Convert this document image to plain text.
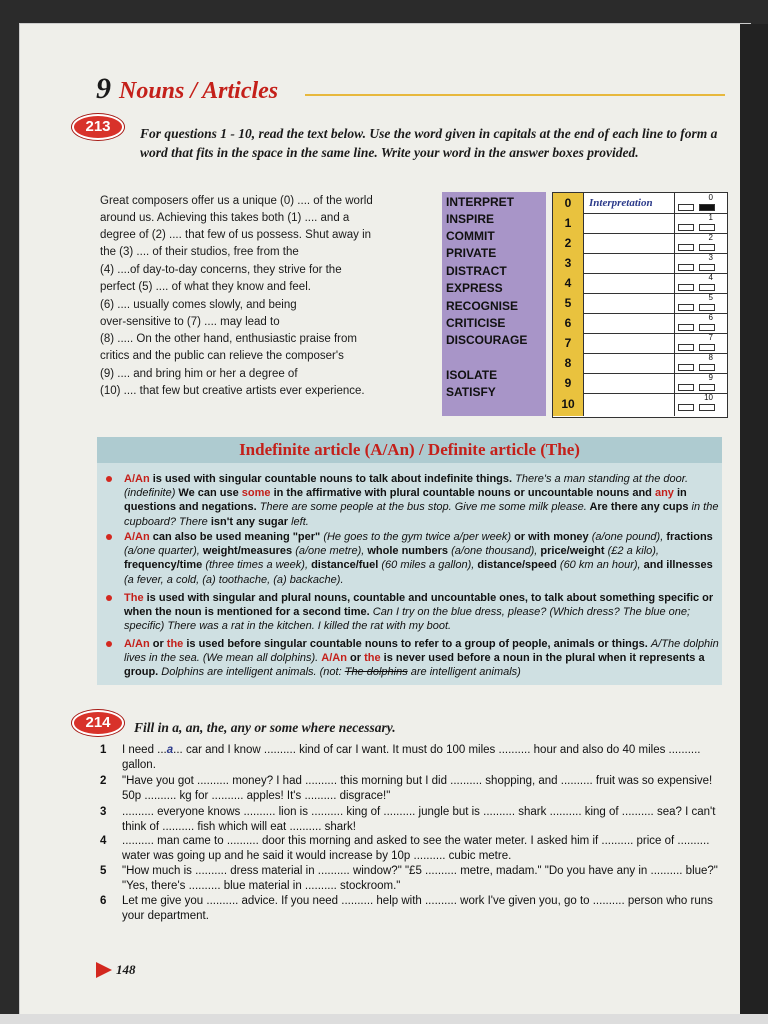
9 Nouns / Articles
213	For questions 1 - 10, read the text below. Use the word given in capitals at the end of each line to form a word that fits in the space in the same line. Write your word in the answer boxes provided.
Great composers offer us a unique (0) .... of the world
around us. Achieving this takes both (1) .... and a
degree of (2) .... that few of us possess. Shut away in
the (3) .... of their studios, free from the
(4) ....of day-to-day concerns, they strive for the
perfect (5) .... of what they know and feel.
(6) .... usually comes slowly, and being
over-sensitive to (7) .... may lead to
(8) ..... On the other hand, enthusiastic praise from
critics and the public can relieve the composer's
(9) .... and bring him or her a degree of
(10) .... that few but creative artists ever experience.
INTERPRET
INSPIRE
COMMIT
PRIVATE
DISTRACT
EXPRESS
RECOGNISE
CRITICISE
DISCOURAGE
ISOLATE
SATISFY
0	Interpretation	0
1	1
2	2
3	3
4	4
5	5
6	6
7	7
8	8
9	9
10	10
Indefinite article (A/An) / Definite article (The)
A/An is used with singular countable nouns to talk about indefinite things. There's a man standing at the door. (indefinite) We can use some in the affirmative with plural countable nouns or uncountable nouns and any in questions and negations. There are some people at the bus stop. Give me some milk please. Are there any cups in the cupboard? There isn't any sugar left.
A/An can also be used meaning "per" (He goes to the gym twice a/per week) or with money (a/one pound), fractions (a/one quarter), weight/measures (a/one metre), whole numbers (a/one thousand), price/weight (£2 a kilo), frequency/time (three times a week), distance/fuel (60 miles a gallon), distance/speed (60 km an hour), and illnesses (a fever, a cold, (a) toothache, (a) backache).
The is used with singular and plural nouns, countable and uncountable ones, to talk about something specific or when the noun is mentioned for a second time. Can I try on the blue dress, please? (Which dress? The blue one; specific) There was a rat in the kitchen. I killed the rat with my boot.
A/An or the is used before singular countable nouns to refer to a group of people, animals or things. A/The dolphin lives in the sea. (We mean all dolphins). A/An or the is never used before a noun in the plural when it represents a group. Dolphins are intelligent animals. (not: The dolphins are intelligent animals)
214	Fill in a, an, the, any or some where necessary.
1 I need ...a... car and I know .......... kind of car I want. It must do 100 miles .......... hour and also do 40 miles .......... gallon.
2 "Have you got .......... money? I had .......... this morning but I did .......... shopping, and .......... fruit was so expensive! 50p .......... kg for .......... apples! It's .......... disgrace!"
3 .......... everyone knows .......... lion is .......... king of .......... jungle but is .......... shark .......... king of .......... sea? I can't think of .......... fish which will eat .......... shark!
4 .......... man came to .......... door this morning and asked to see the water meter. I asked him if .......... price of .......... water was going up and he said it would increase by 10p .......... cubic metre.
5 "How much is .......... dress material in .......... window?" "£5 .......... metre, madam." "Do you have any in .......... blue?" "Yes, there's .......... blue material in .......... stockroom."
6 Let me give you .......... advice. If you need .......... help with .......... work I've given you, go to .......... person who runs your department.
148
